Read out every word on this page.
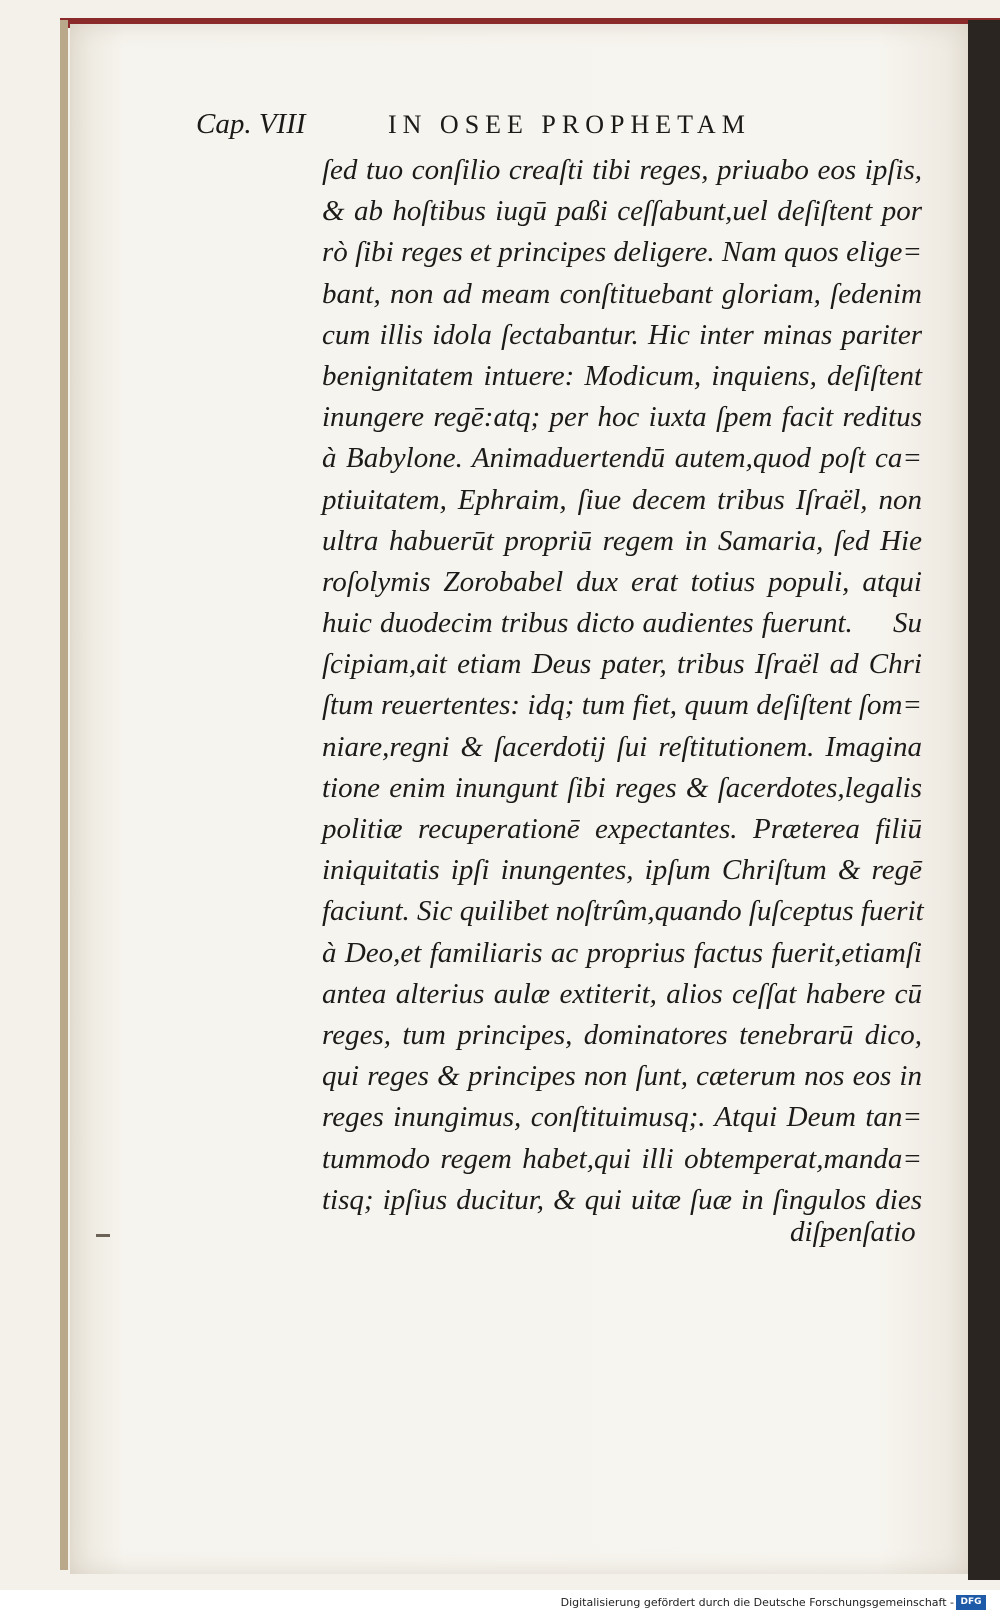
Cap. VIII	IN OSEE PROPHETAM
ſed tuo conſilio creaſti tibi reges, priuabo eos ipſis,
& ab hoſtibus iugū paßi ceſſabunt,uel deſiſtent por
rò ſibi reges et principes deligere. Nam quos elige=
bant, non ad meam conſtituebant gloriam, ſedenim
cum illis idola ſectabantur. Hic inter minas pariter
benignitatem intuere: Modicum, inquiens, deſiſtent
inungere regē:atq; per hoc iuxta ſpem facit reditus
à Babylone. Animaduertendū autem,quod poſt ca=
ptiuitatem, Ephraim, ſiue decem tribus Iſraël, non
ultra habuerūt propriū regem in Samaria, ſed Hie
roſolymis Zorobabel dux erat totius populi, atqui
huic duodecim tribus dicto audientes fuerunt.     Su
ſcipiam,ait etiam Deus pater, tribus Iſraël ad Chri
ſtum reuertentes: idq; tum fiet, quum deſiſtent ſom=
niare,regni & ſacerdotij ſui reſtitutionem. Imagina
tione enim inungunt ſibi reges & ſacerdotes,legalis
politiæ recuperationē expectantes. Præterea filiū
iniquitatis ipſi inungentes, ipſum Chriſtum & regē
faciunt. Sic quilibet noſtrûm,quando ſuſceptus fuerit
à Deo,et familiaris ac proprius factus fuerit,etiamſi
antea alterius aulæ extiterit, alios ceſſat habere cū
reges, tum principes, dominatores tenebrarū dico,
qui reges & principes non ſunt, cæterum nos eos in
reges inungimus, conſtituimusq;. Atqui Deum tan=
tummodo regem habet,qui illi obtemperat,manda=
tisq; ipſius ducitur, & qui uitæ ſuæ in ſingulos dies
diſpenſatio
Digitalisierung gefördert durch die Deutsche Forschungsgemeinschaft - DFG
